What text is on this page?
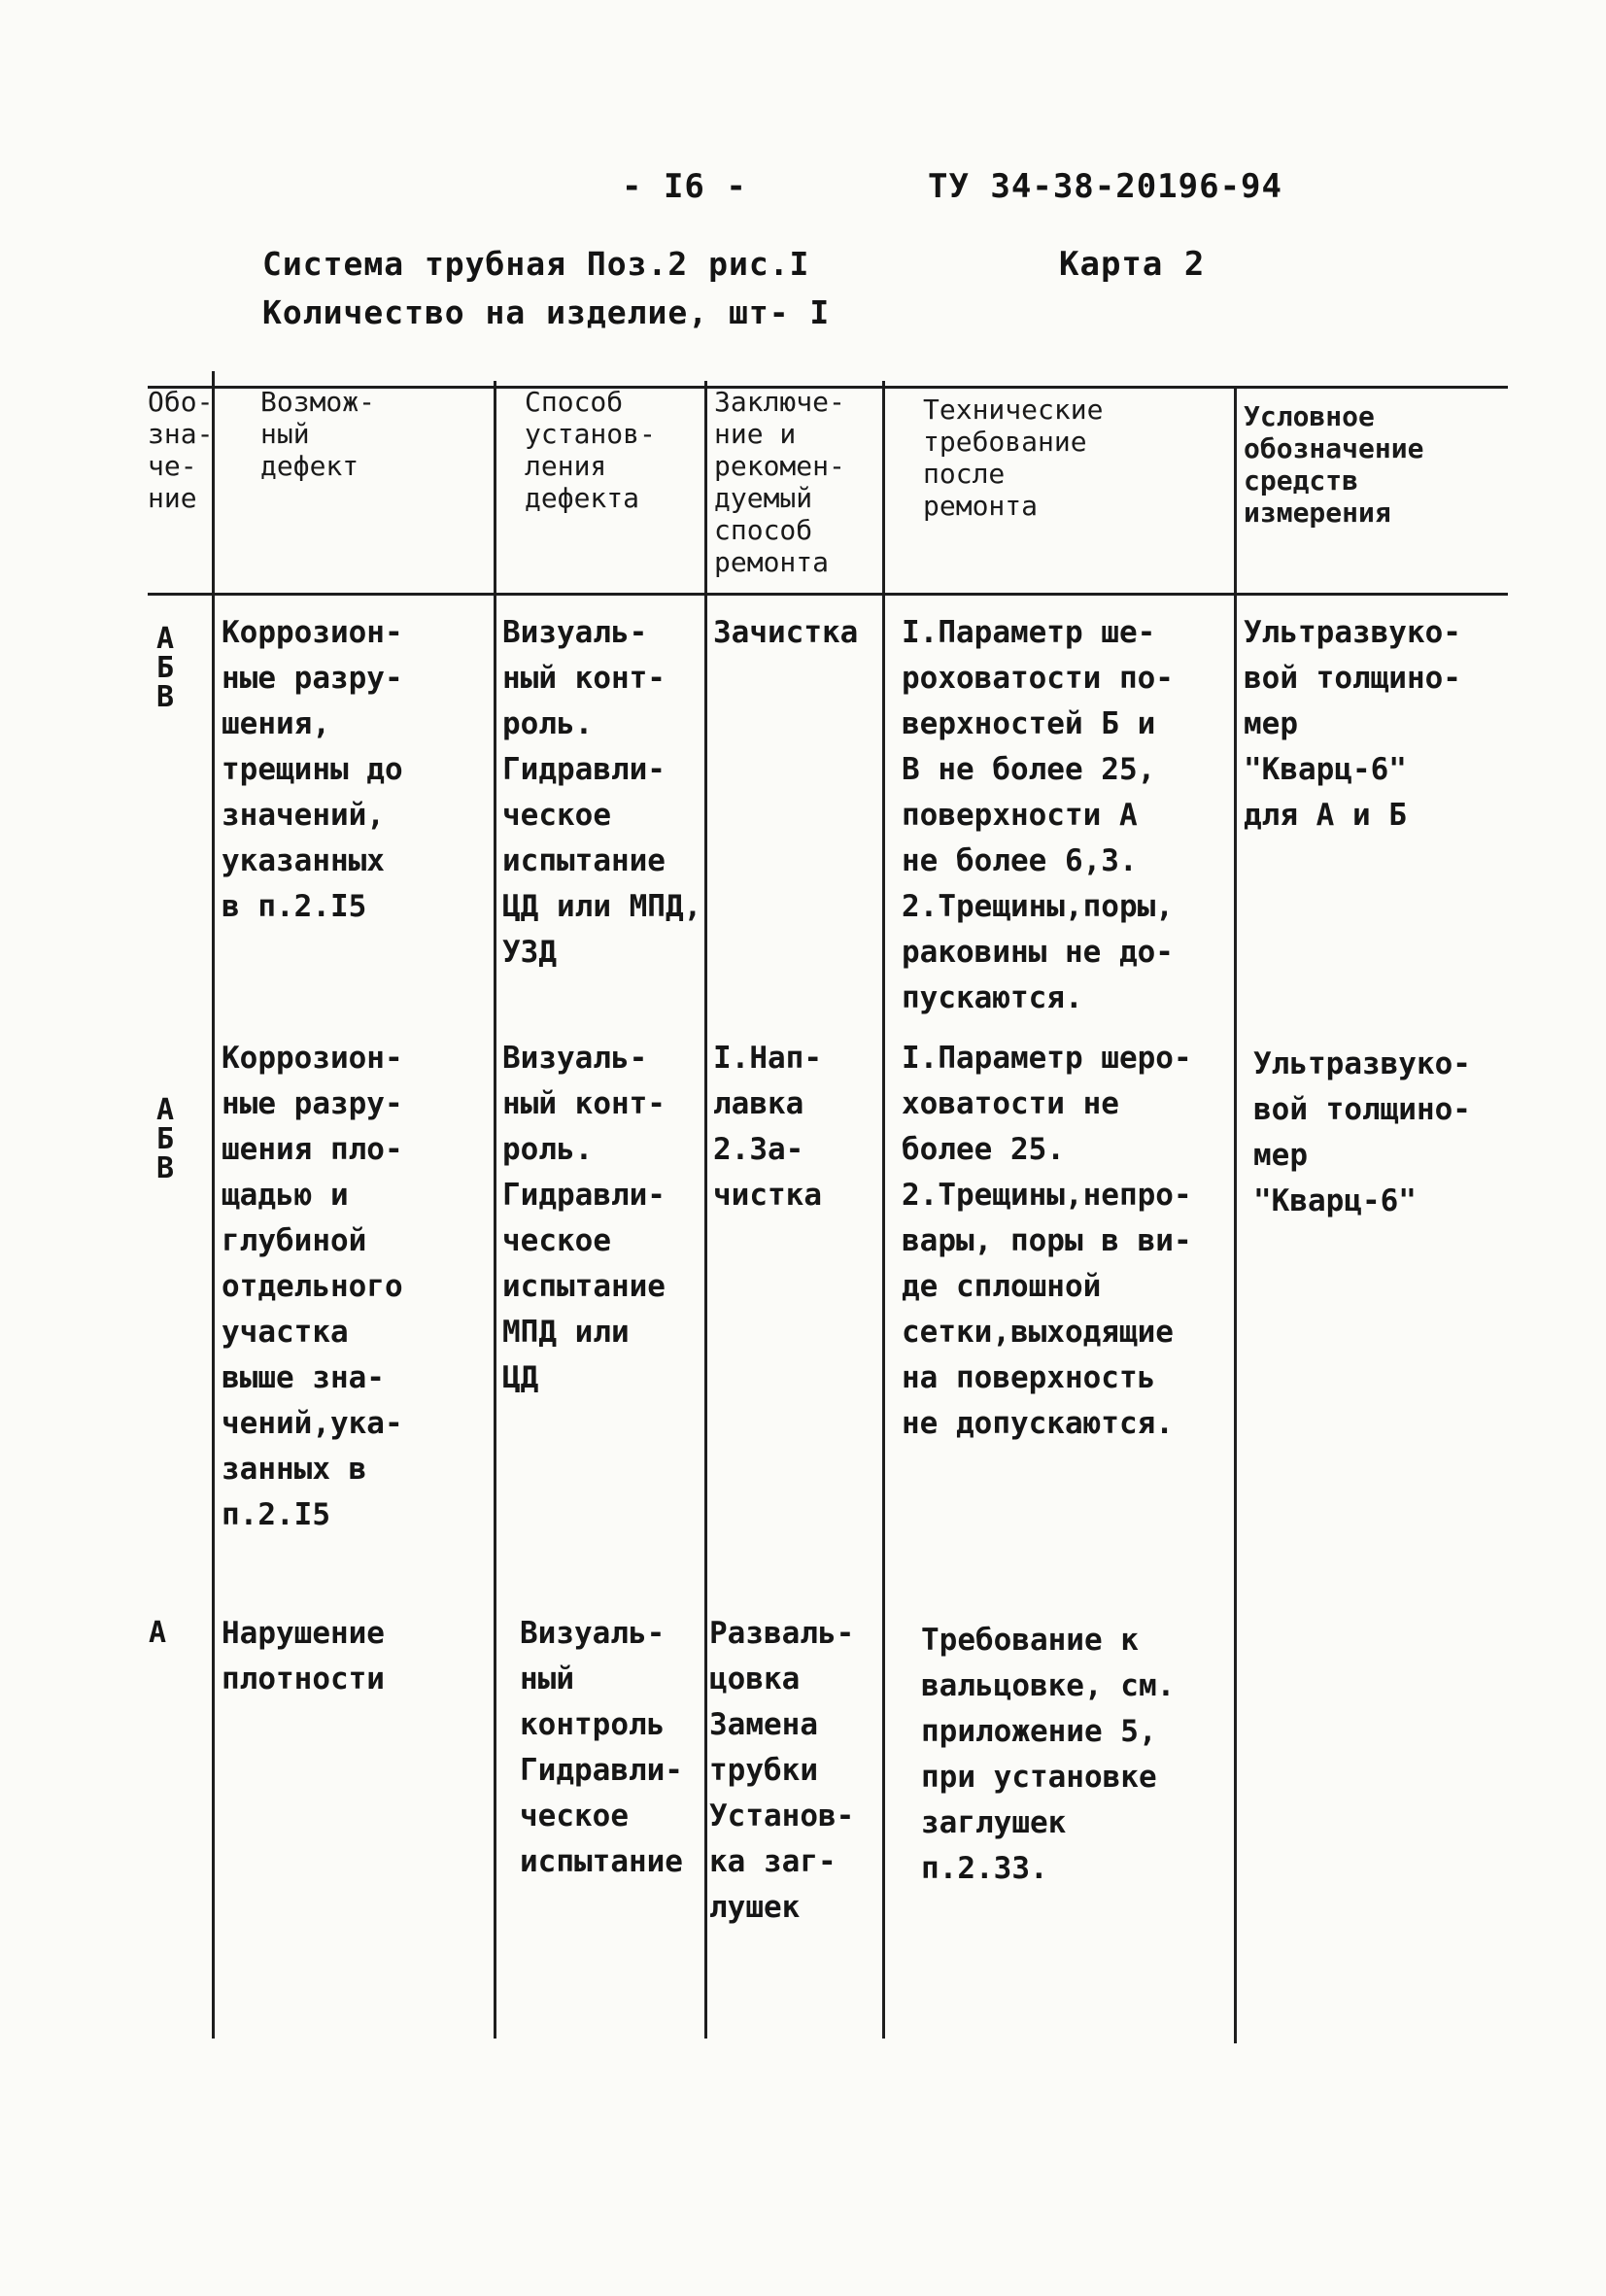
- I6 -	ТУ 34-38-20196-94
Система трубная Поз.2 рис.I
Количество на изделие, шт- I
Карта 2
Обо-
зна-
че-
ние
Возмож-
ный
дефект
Способ
установ-
ления
дефекта
Заключе-
ние и
рекомен-
дуемый
способ
ремонта
Технические
требование
после
ремонта
Условное
обозначение
средств
измерения
А
Б
В
Коррозион-
ные разру-
шения,
трещины до
значений,
указанных
в п.2.I5
Визуаль-
ный конт-
роль.
Гидравли-
ческое
испытание
ЦД или МПД,
УЗД
Зачистка I.Параметр ше-
роховатости по-
верхностей Б и
В не более 25,
поверхности А
не более 6,3.
2.Трещины,поры,
раковины не до-
пускаются.
Ультразвуко-
вой толщино-
мер
"Кварц-6"
для А и Б
А
Б
В
Коррозион-
ные разру-
шения пло-
щадью и
глубиной
отдельного
участка
выше зна-
чений,ука-
занных в
п.2.I5
Визуаль-
ный конт-
роль.
Гидравли-
ческое
испытание
МПД или
ЦД
I.Нап-
лавка
2.За-
чистка
I.Параметр шеро-
ховатости не
более 25.
2.Трещины,непро-
вары, поры в ви-
де сплошной
сетки,выходящие
на поверхность
не допускаются.
Ультразвуко-
вой толщино-
мер
"Кварц-6"
А	Нарушение
плотности
Визуаль-
ный
контроль
Гидравли-
ческое
испытание
Разваль-
цовка
Замена
трубки
Установ-
ка заг-
лушек
Требование к
вальцовке, см.
приложение 5,
при установке
заглушек
п.2.33.
